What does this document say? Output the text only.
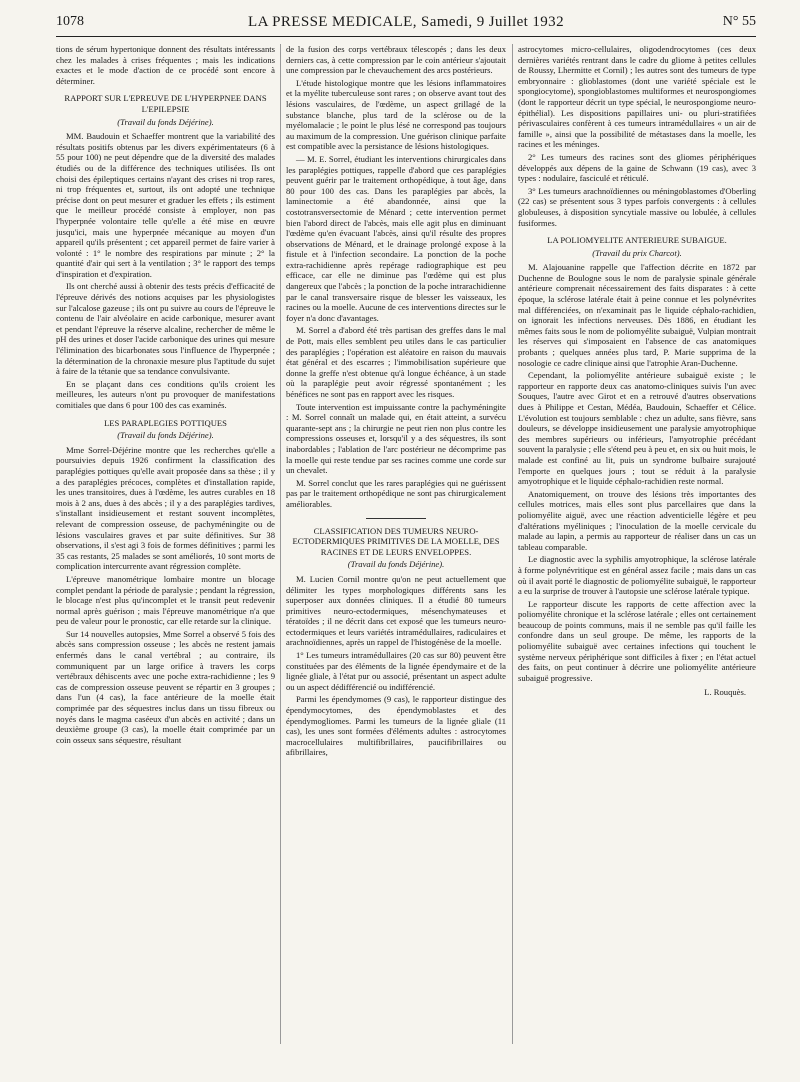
1078	LA PRESSE MEDICALE, Samedi, 9 Juillet 1932	N° 55

tions de sérum hypertonique donnent des résultats intéressants chez les malades à crises fréquentes ; mais les indications exactes et le mode d'action de ce procédé sont encore à déterminer.

RAPPORT SUR L'EPREUVE DE L'HYPERPNEE DANS L'EPILEPSIE
(Travail du fonds Déjérine).

MM. Baudouin et Schaeffer montrent que la variabilité des résultats positifs obtenus par les divers expérimentateurs (6 à 55 pour 100) ne peut dépendre que de la diversité des malades étudiés ou de la différence des techniques utilisées. Ils ont choisi des épileptiques certains n'ayant des crises ni trop rares, ni trop fréquentes et, surtout, ils ont adopté une technique précise dont on peut mesurer et graduer les effets ; ils estiment que le meilleur procédé consiste à employer, non pas l'hyperpnée volontaire telle qu'elle a été mise en œuvre jusqu'ici, mais une hyperpnée mécanique au moyen d'un appareil qu'ils présentent ; cet appareil permet de faire varier à volonté : 1° le nombre des respirations par minute ; 2° la quantité d'air qui sert à la ventilation ; 3° le rapport des temps d'inspiration et d'expiration.

Ils ont cherché aussi à obtenir des tests précis d'efficacité de l'épreuve dérivés des notions acquises par les physiologistes sur l'alcalose gazeuse ; ils ont pu suivre au cours de l'épreuve le contenu de l'air alvéolaire en acide carbonique, mesurer avant et pendant l'épreuve la réserve alcaline, rechercher de même le pH des urines et doser l'acide carbonique des urines qui mesure l'élimination des bicarbonates sous l'influence de l'hyperpnée ; la détermination de la chronaxie mesure plus l'aptitude du sujet à faire de la tétanie que sa tendance convulsivante.

En se plaçant dans ces conditions qu'ils croient les meilleures, les auteurs n'ont pu provoquer de manifestations comitiales que dans 6 pour 100 des cas examinés.

LES PARAPLEGIES POTTIQUES
(Travail du fonds Déjérine).

Mme Sorrel-Déjérine montre que les recherches qu'elle a poursuivies depuis 1926 confirment la classification des paraplégies pottiques qu'elle avait proposée dans sa thèse ; il y a des paraplégies précoces, complètes et d'installation rapide, les unes transitoires, dues à l'œdème, les autres curables en 18 mois à 2 ans, dues à des abcès ; il y a des paraplégies tardives, s'installant insidieusement et restant souvent incomplètes, relevant de compression osseuse, de pachyméningite ou de lésions vasculaires graves et par suite définitives. Sur 38 observations, il s'est agi 3 fois de formes définitives ; parmi les 35 cas restants, 25 malades se sont améliorés, 10 sont morts de complication intercurrente avant régression complète.

L'épreuve manométrique lombaire montre un blocage complet pendant la période de paralysie ; pendant la régression, le blocage n'est plus qu'incomplet et le transit peut redevenir normal après guérison ; mais l'épreuve manométrique n'a que peu de valeur pour le pronostic, car elle retarde sur la clinique.

Sur 14 nouvelles autopsies, Mme Sorrel a observé 5 fois des abcès sans compression osseuse ; les abcès ne restent jamais enfermés dans le canal vertébral ; au contraire, ils communiquent par un large orifice à travers les corps vertébraux déhiscents avec une poche extra-rachidienne ; les 9 cas de compression osseuse peuvent se répartir en 3 groupes ; dans l'un (4 cas), la face antérieure de la moelle était comprimée par des séquestres inclus dans un tissu fibreux ou noyés dans le magma caséeux d'un abcès en activité ; dans un deuxième groupe (3 cas), la moelle était comprimée par un coin osseux sans séquestre, résultant

de la fusion des corps vertébraux télescopés ; dans les deux derniers cas, à cette compression par le coin antérieur s'ajoutait une compression par le chevauchement des arcs postérieurs.

L'étude histologique montre que les lésions inflammatoires et la myélite tuberculeuse sont rares ; on observe avant tout des lésions vasculaires, de l'œdème, un aspect grillagé de la substance blanche, plus tard de la sclérose ou de la myélomalacie ; le point le plus lésé ne correspond pas toujours au maximum de la compression. Une guérison clinique parfaite est compatible avec la persistance de lésions histologiques.

— M. E. Sorrel, étudiant les interventions chirurgicales dans les paraplégies pottiques, rappelle d'abord que ces paraplégies peuvent guérir par le traitement orthopédique, à tout âge, dans 80 pour 100 des cas. Dans les paraplégies par abcès, la laminectomie a été abandonnée, ainsi que la costotransversectomie de Ménard ; cette intervention permet bien l'abord direct de l'abcès, mais elle agit plus en diminuant l'œdème qu'en évacuant l'abcès, ainsi qu'il résulte des propres observations de Ménard, et le drainage prolongé expose à la fistule et à l'infection secondaire. La ponction de la poche extra-rachidienne après repérage radiographique est peu efficace, car elle ne diminue pas l'œdème qui est plus dangereux que l'abcès ; la ponction de la poche intrarachidienne par le canal transversaire risque de blesser les vaisseaux, les racines ou la moelle. Aucune de ces interventions directes sur le foyer n'a donc d'avantages.

M. Sorrel a d'abord été très partisan des greffes dans le mal de Pott, mais elles semblent peu utiles dans le cas particulier des paraplégies ; l'opération est aléatoire en raison du mauvais état général et des escarres ; l'immobilisation supérieure que donne la greffe n'est obtenue qu'à longue échéance, à un stade où la paraplégie peut avoir régressé spontanément ; les bénéfices ne sont pas en rapport avec les risques.

Toute intervention est impuissante contre la pachyméningite : M. Sorrel connaît un malade qui, en était atteint, a survécu quarante-sept ans ; la chirurgie ne peut rien non plus contre les compressions osseuses et, lorsqu'il y a des séquestres, ils sont inabordables ; l'ablation de l'arc postérieur ne décomprime pas la moelle qui reste tendue par ses racines comme une corde sur un chevalet.

M. Sorrel conclut que les rares paraplégies qui ne guérissent pas par le traitement orthopédique ne sont pas chirurgicalement améliorables.

CLASSIFICATION DES TUMEURS NEURO-ECTODERMIQUES PRIMITIVES DE LA MOELLE, DES RACINES ET DE LEURS ENVELOPPES.
(Travail du fonds Déjérine).

M. Lucien Cornil montre qu'on ne peut actuellement que délimiter les types morphologiques différents sans les superposer aux données cliniques. Il a étudié 80 tumeurs primitives neuro-ectodermiques, mésenchymateuses et tératoïdes ; il ne décrit dans cet exposé que les tumeurs neuro-ectodermiques et leurs variétés intramédullaires, radiculaires et arachnoïdiennes, après un rappel de l'histogénèse de la moelle.

1° Les tumeurs intramédullaires (20 cas sur 80) peuvent être constituées par des éléments de la lignée épendymaire et de la lignée gliale, à l'état pur ou associé, présentant un aspect adulte ou un aspect dédifférencié ou indifférencié.

Parmi les épendymomes (9 cas), le rapporteur distingue des épendymocytomes, des épendymoblastes et des épendymogliomes. Parmi les tumeurs de la lignée gliale (11 cas), les unes sont formées d'éléments adultes : astrocytomes macrocellulaires multifibrillaires, paucifibrillaires ou afibrillaires,

astrocytomes micro-cellulaires, oligodendrocytomes (ces deux dernières variétés rentrant dans le cadre du gliome à petites cellules de Roussy, Lhermitte et Cornil) ; les autres sont des tumeurs de type embryonnaire : glioblastomes (dont une variété spéciale est le spongiocytome), spongioblastomes multiformes et neurospongiomes (dont le rapporteur décrit un type spécial, le neurospongiome neuro-épithélial). Les dispositions papillaires uni- ou pluri-stratifiées périvasculaires confèrent à ces tumeurs intramédullaires « un air de famille », ainsi que la possibilité de métastases dans la moelle, les racines et les méninges.

2° Les tumeurs des racines sont des gliomes périphériques développés aux dépens de la gaine de Schwann (19 cas), avec 3 types : nodulaire, fasciculé et réticulé.

3° Les tumeurs arachnoïdiennes ou méningoblastomes d'Oberling (22 cas) se présentent sous 3 types parfois convergents : à cellules globuleuses, à disposition syncytiale massive ou lobulée, à cellules fusiformes.

LA POLIOMYELITE ANTERIEURE SUBAIGUE.
(Travail du prix Charcot).

M. Alajouanine rappelle que l'affection décrite en 1872 par Duchenne de Boulogne sous le nom de paralysie spinale générale antérieure comprenait nécessairement des faits disparates : à cette époque, la sclérose latérale était à peine connue et les polynévrites mal différenciées, on n'examinait pas le liquide céphalo-rachidien, on ignorait les infections nerveuses. Dès 1886, en étudiant les mêmes faits sous le nom de poliomyélite subaiguë, Vulpian montrait les réserves qui s'imposaient en l'absence de cas anatomiques probants ; quelques années plus tard, P. Marie supprima de la nosologie ce cadre clinique ainsi que l'atrophie Aran-Duchenne.

Cependant, la poliomyélite antérieure subaiguë existe ; le rapporteur en rapporte deux cas anatomo-cliniques suivis l'un avec Souques, l'autre avec Girot et en a retrouvé d'autres observations dues à Philippe et Cestan, Médéa, Baudouin, Schaeffer et Célice. L'évolution est toujours semblable : chez un adulte, sans fièvre, sans douleurs, se développe insidieusement une paralysie amyotrophique des membres supérieurs ou inférieurs, l'amyotrophie précédant souvent la paralysie ; elle s'étend peu à peu et, en six ou huit mois, le malade est confiné au lit, puis un syndrome bulbaire surajouté l'emporte en quelques jours ; tout se réduit à la paralysie amyotrophique et le liquide céphalo-rachidien reste normal.

Anatomiquement, on trouve des lésions très importantes des cellules motrices, mais elles sont plus parcellaires que dans la poliomyélite aiguë, avec une réaction adventicielle légère et peu d'altérations myéliniques ; l'inoculation de la moelle cervicale du malade au lapin, a permis au rapporteur de réaliser dans un cas un tableau comparable.

Le diagnostic avec la syphilis amyotrophique, la sclérose latérale à forme polynévritique est en général assez facile ; mais dans un cas où il avait porté le diagnostic de poliomyélite subaiguë, le rapporteur a eu la surprise de trouver à l'autopsie une sclérose latérale typique.

Le rapporteur discute les rapports de cette affection avec la poliomyélite chronique et la sclérose latérale ; elles ont certainement beaucoup de points communs, mais il ne semble pas qu'il faille les confondre dans un seul groupe. De même, les rapports de la poliomyélite subaiguë avec certaines infections qui touchent le système nerveux périphérique sont difficiles à fixer ; en l'état actuel des faits, on peut continuer à décrire une poliomyélite antérieure subaiguë progressive.

L. Rouquès.
